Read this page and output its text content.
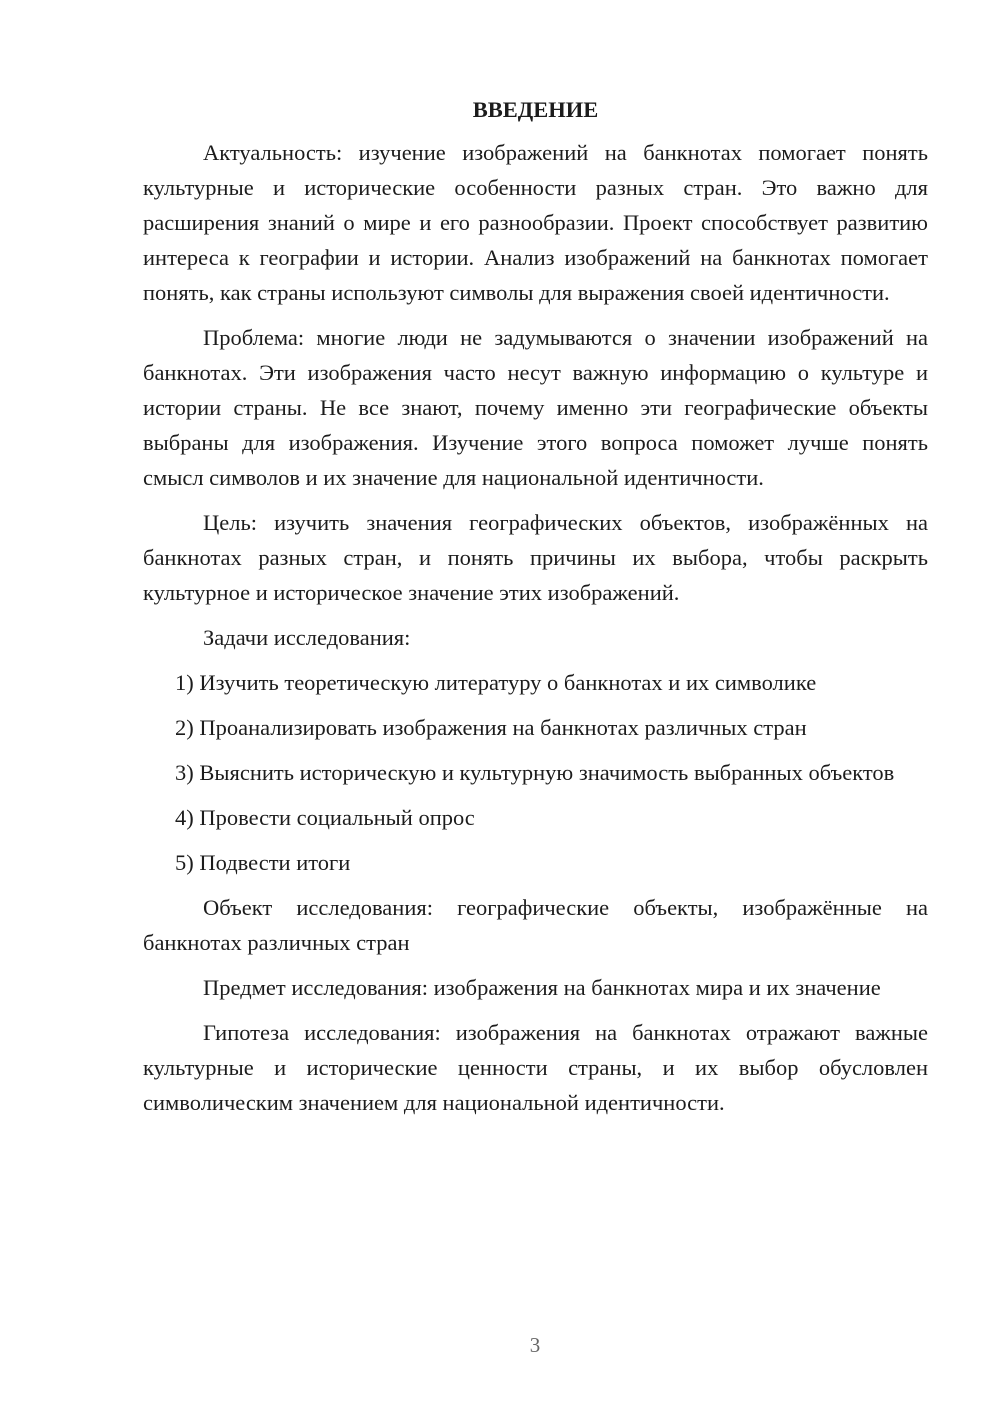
ВВЕДЕНИЕ

Актуальность: изучение изображений на банкнотах помогает понять культурные и исторические особенности разных стран. Это важно для расширения знаний о мире и его разнообразии. Проект способствует развитию интереса к географии и истории. Анализ изображений на банкнотах помогает понять, как страны используют символы для выражения своей идентичности.

Проблема: многие люди не задумываются о значении изображений на банкнотах. Эти изображения часто несут важную информацию о культуре и истории страны. Не все знают, почему именно эти географические объекты выбраны для изображения. Изучение этого вопроса поможет лучше понять смысл символов и их значение для национальной идентичности.

Цель: изучить значения географических объектов, изображённых на банкнотах разных стран, и понять причины их выбора, чтобы раскрыть культурное и историческое значение этих изображений.

Задачи исследования:

1) Изучить теоретическую литературу о банкнотах и их символике

2) Проанализировать изображения на банкнотах различных стран

3) Выяснить историческую и культурную значимость выбранных объектов

4) Провести социальный опрос

5) Подвести итоги

Объект исследования: географические объекты, изображённые на банкнотах различных стран

Предмет исследования: изображения на банкнотах мира и их значение

Гипотеза исследования: изображения на банкнотах отражают важные культурные и исторические ценности страны, и их выбор обусловлен символическим значением для национальной идентичности.

3
